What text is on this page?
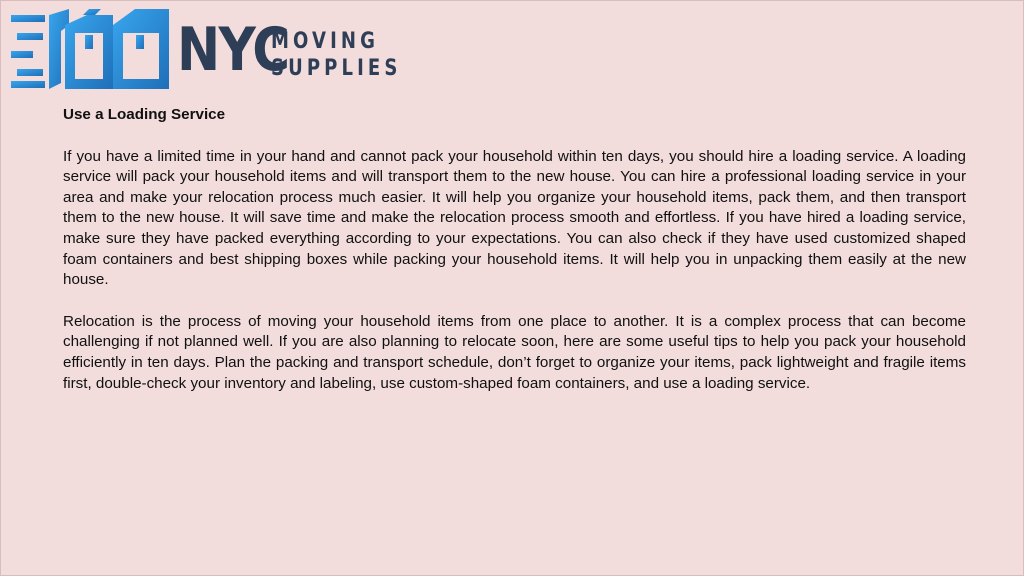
NYC
MOVING
SUPPLIES
Use a Loading Service

If you have a limited time in your hand and cannot pack your household within ten days, you should hire a loading service. A loading service will pack your household items and will transport them to the new house. You can hire a professional loading service in your area and make your relocation process much easier. It will help you organize your household items, pack them, and then transport them to the new house. It will save time and make the relocation process smooth and effortless. If you have hired a loading service, make sure they have packed everything according to your expectations. You can also check if they have used customized shaped foam containers and best shipping boxes while packing your household items. It will help you in unpacking them easily at the new house.

Relocation is the process of moving your household items from one place to another. It is a complex process that can become challenging if not planned well. If you are also planning to relocate soon, here are some useful tips to help you pack your household efficiently in ten days. Plan the packing and transport schedule, don’t forget to organize your items, pack lightweight and fragile items first, double-check your inventory and labeling, use custom-shaped foam containers, and use a loading service.
